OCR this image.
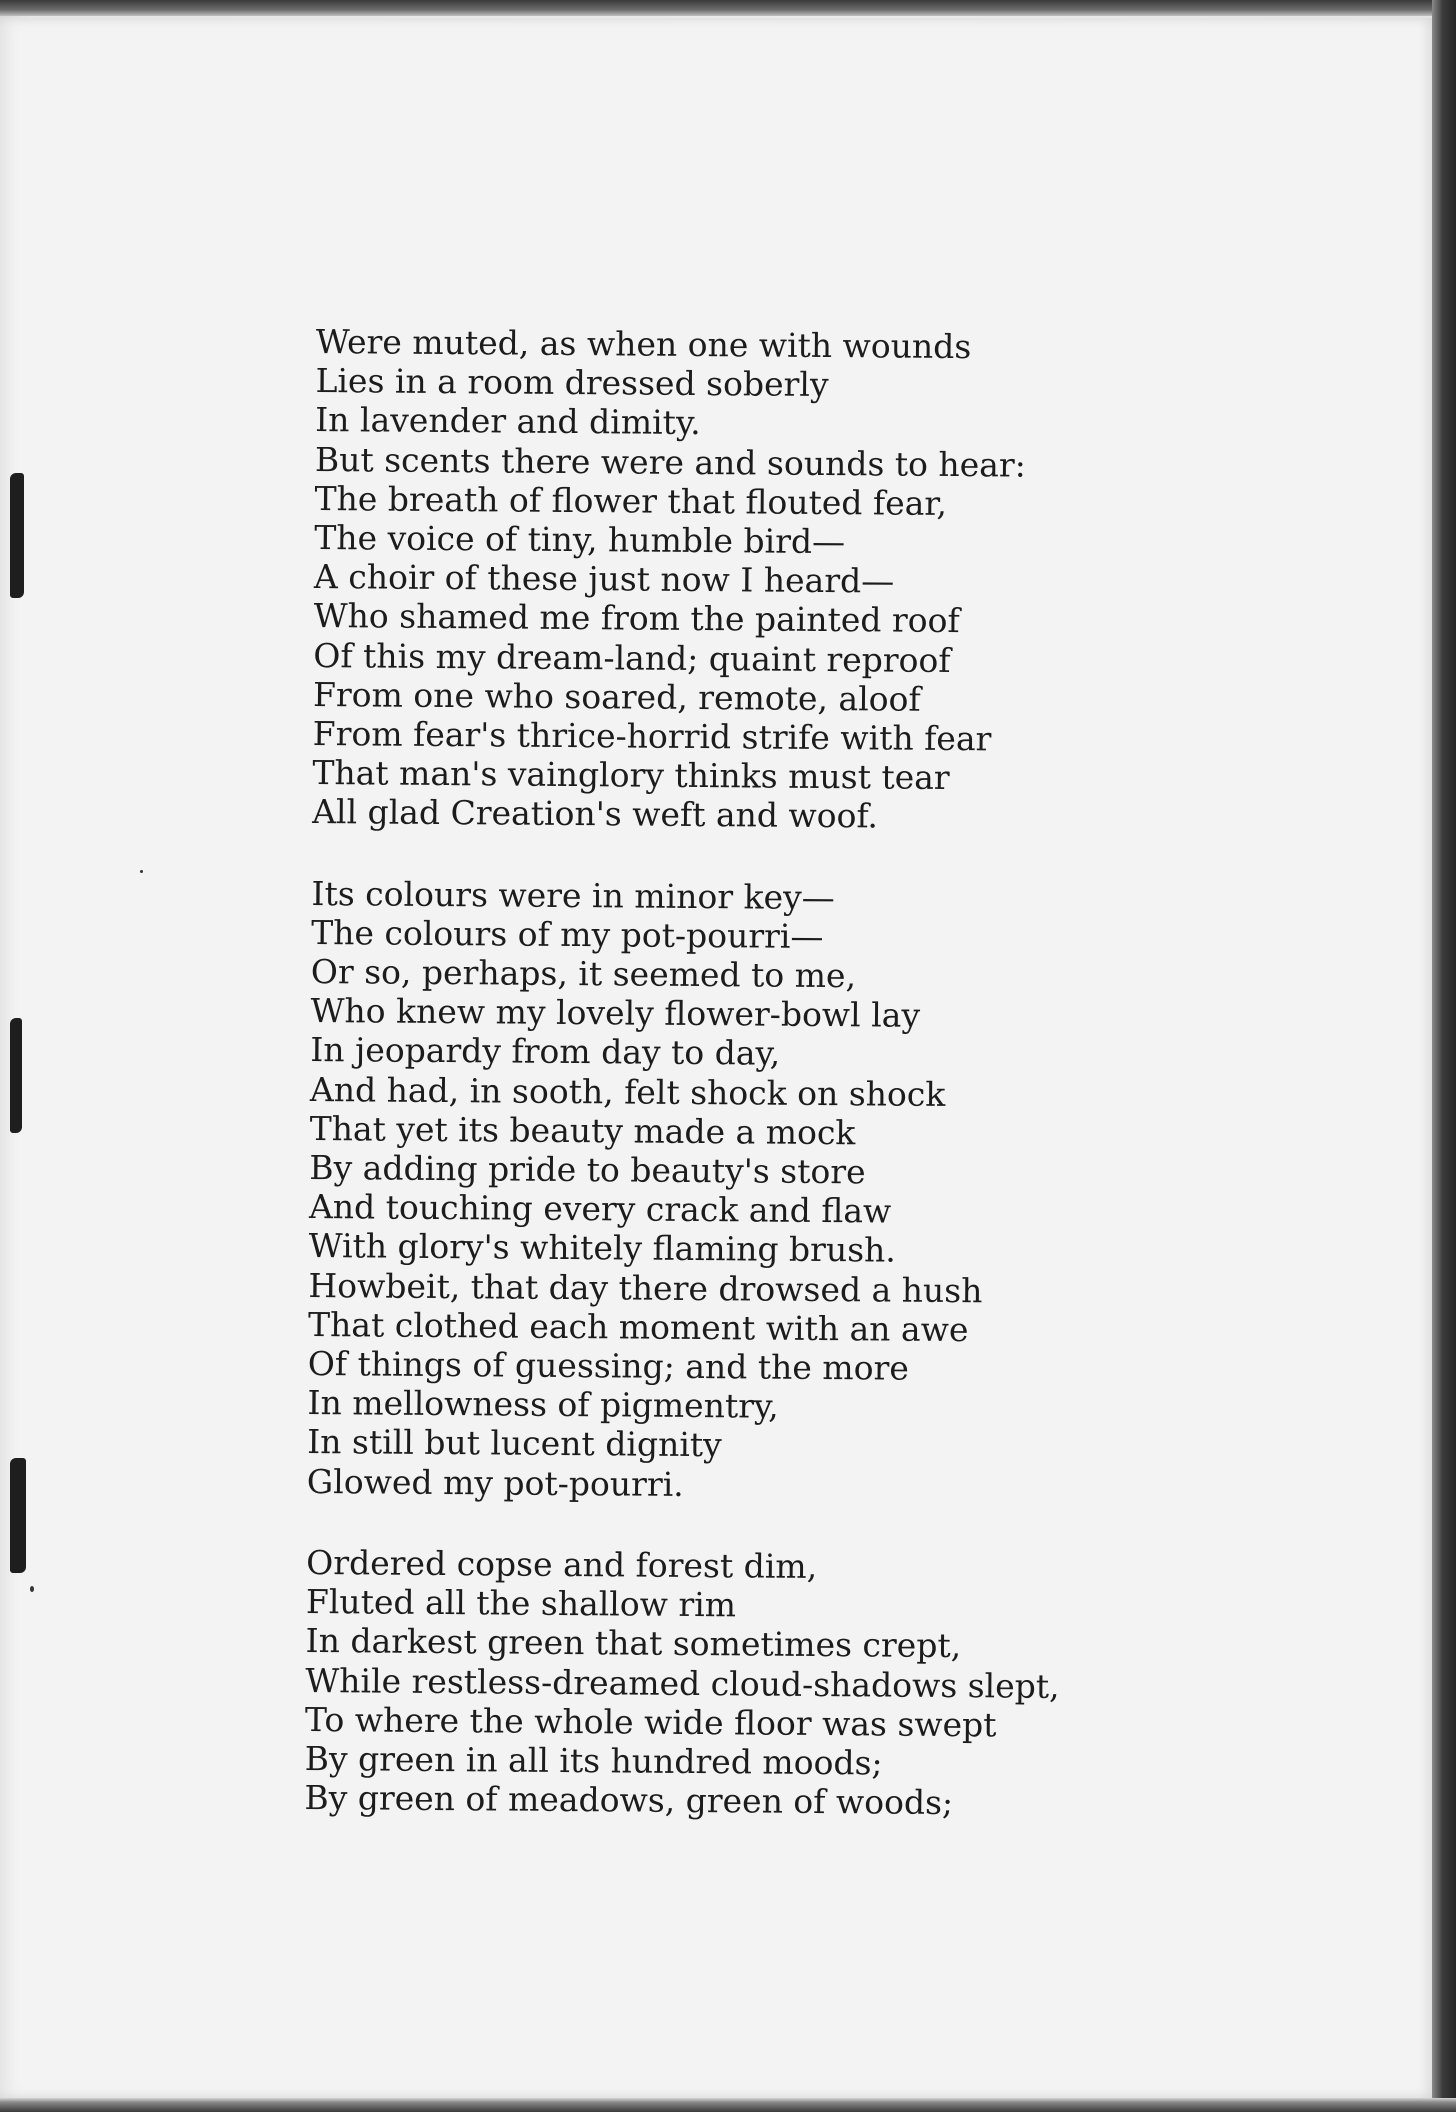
Were muted, as when one with wounds
Lies in a room dressed soberly
In lavender and dimity.
But scents there were and sounds to hear:
The breath of flower that flouted fear,
The voice of tiny, humble bird—
A choir of these just now I heard—
Who shamed me from the painted roof
Of this my dream-land; quaint reproof
From one who soared, remote, aloof
From fear's thrice-horrid strife with fear
That man's vainglory thinks must tear
All glad Creation's weft and woof.
Its colours were in minor key—
The colours of my pot-pourri—
Or so, perhaps, it seemed to me,
Who knew my lovely flower-bowl lay
In jeopardy from day to day,
And had, in sooth, felt shock on shock
That yet its beauty made a mock
By adding pride to beauty's store
And touching every crack and flaw
With glory's whitely flaming brush.
Howbeit, that day there drowsed a hush
That clothed each moment with an awe
Of things of guessing; and the more
In mellowness of pigmentry,
In still but lucent dignity
Glowed my pot-pourri.
Ordered copse and forest dim,
Fluted all the shallow rim
In darkest green that sometimes crept,
While restless-dreamed cloud-shadows slept,
To where the whole wide floor was swept
By green in all its hundred moods;
By green of meadows, green of woods;
